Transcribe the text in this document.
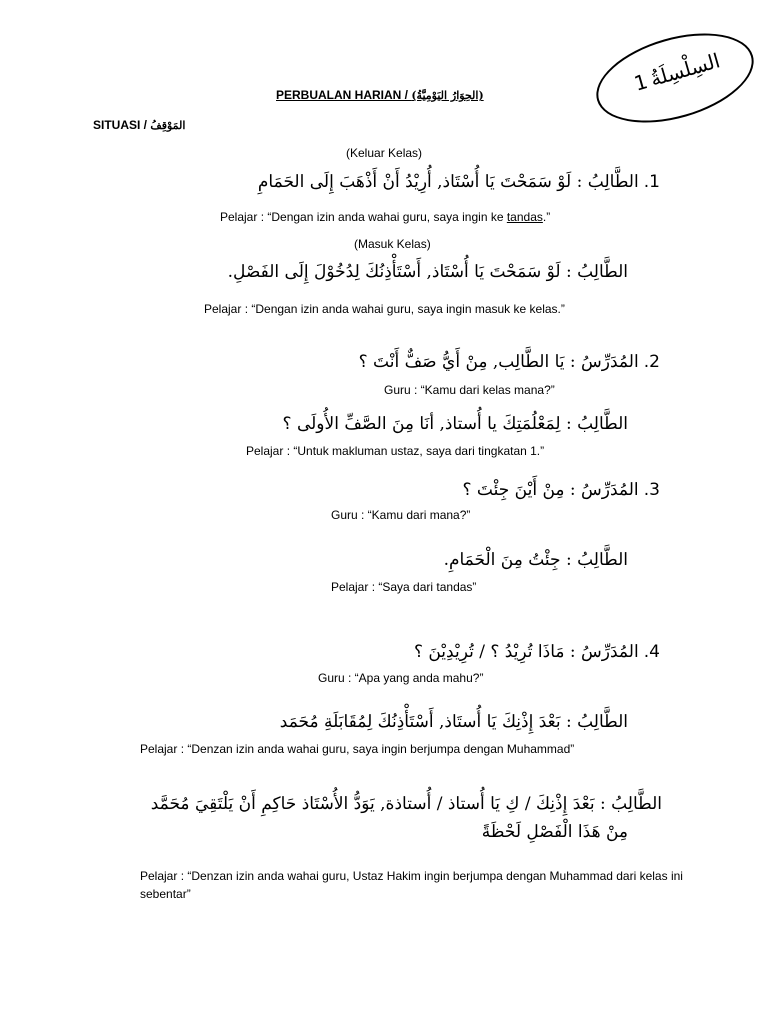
1السِلْسِلَةُ
PERBUALAN HARIAN / (الحِوَارُ اليَوْمِيَّةُ)
SITUASI / المَوْقِفُ
(Keluar Kelas)
1. الطَّالِبُ : لَوْ سَمَحْتَ يَا أُسْتَاذ, أُرِيْدُ أَنْ أَذْهَبَ إِلَى الحَمَامِ
Pelajar : “Dengan izin anda wahai guru, saya ingin ke tandas.”
(Masuk Kelas)
الطَّالِبُ : لَوْ سَمَحْتَ يَا أُسْتَاذ, أَسْتَأْذِنُكَ لِدُخُوْلَ إِلَى الفَصْلِ.
Pelajar : “Dengan izin anda wahai guru, saya ingin masuk ke kelas.”
2. المُدَرِّسُ : يَا الطَّالِب, مِنْ أَيُّ صَفٌّ أَنْتَ ؟
Guru : “Kamu dari kelas mana?”
الطَّالِبُ : لِمَعْلُمَتِكَ يا أُستاذ, أنَا مِنَ الصَّفِّ الأُولَى ؟
Pelajar : “Untuk makluman ustaz, saya dari tingkatan 1.”
3. المُدَرِّسُ : مِنْ أَيْنَ جِئْتَ ؟
Guru : “Kamu dari mana?”
الطَّالِبُ : جِئْتُ مِنَ الْحَمَامِ.
Pelajar : “Saya dari tandas”
4. المُدَرِّسُ : مَاذَا تُرِيْدُ ؟ / تُرِيْدِيْنَ ؟
Guru : “Apa yang anda mahu?”
الطَّالِبُ : بَعْدَ إِذْنِكَ يَا أُستَاذ, أَسْتَأْذِنُكَ لِمُقَابَلَةِ مُحَمَد
Pelajar : “Denzan izin anda wahai guru, saya ingin berjumpa dengan Muhammad”
الطَّالِبُ : بَعْدَ إِذْنِكَ / كِ يَا أُستاذ / أُستاذة, يَوَدُّ الأُسْتَاذ حَاكِمِ أَنْ يَلْتَقِيَ مُحَمَّد
مِنْ هَذَا الْفَصْلِ لَحْظَةً
Pelajar : “Denzan izin anda wahai guru, Ustaz Hakim ingin berjumpa dengan Muhammad dari kelas ini sebentar”
